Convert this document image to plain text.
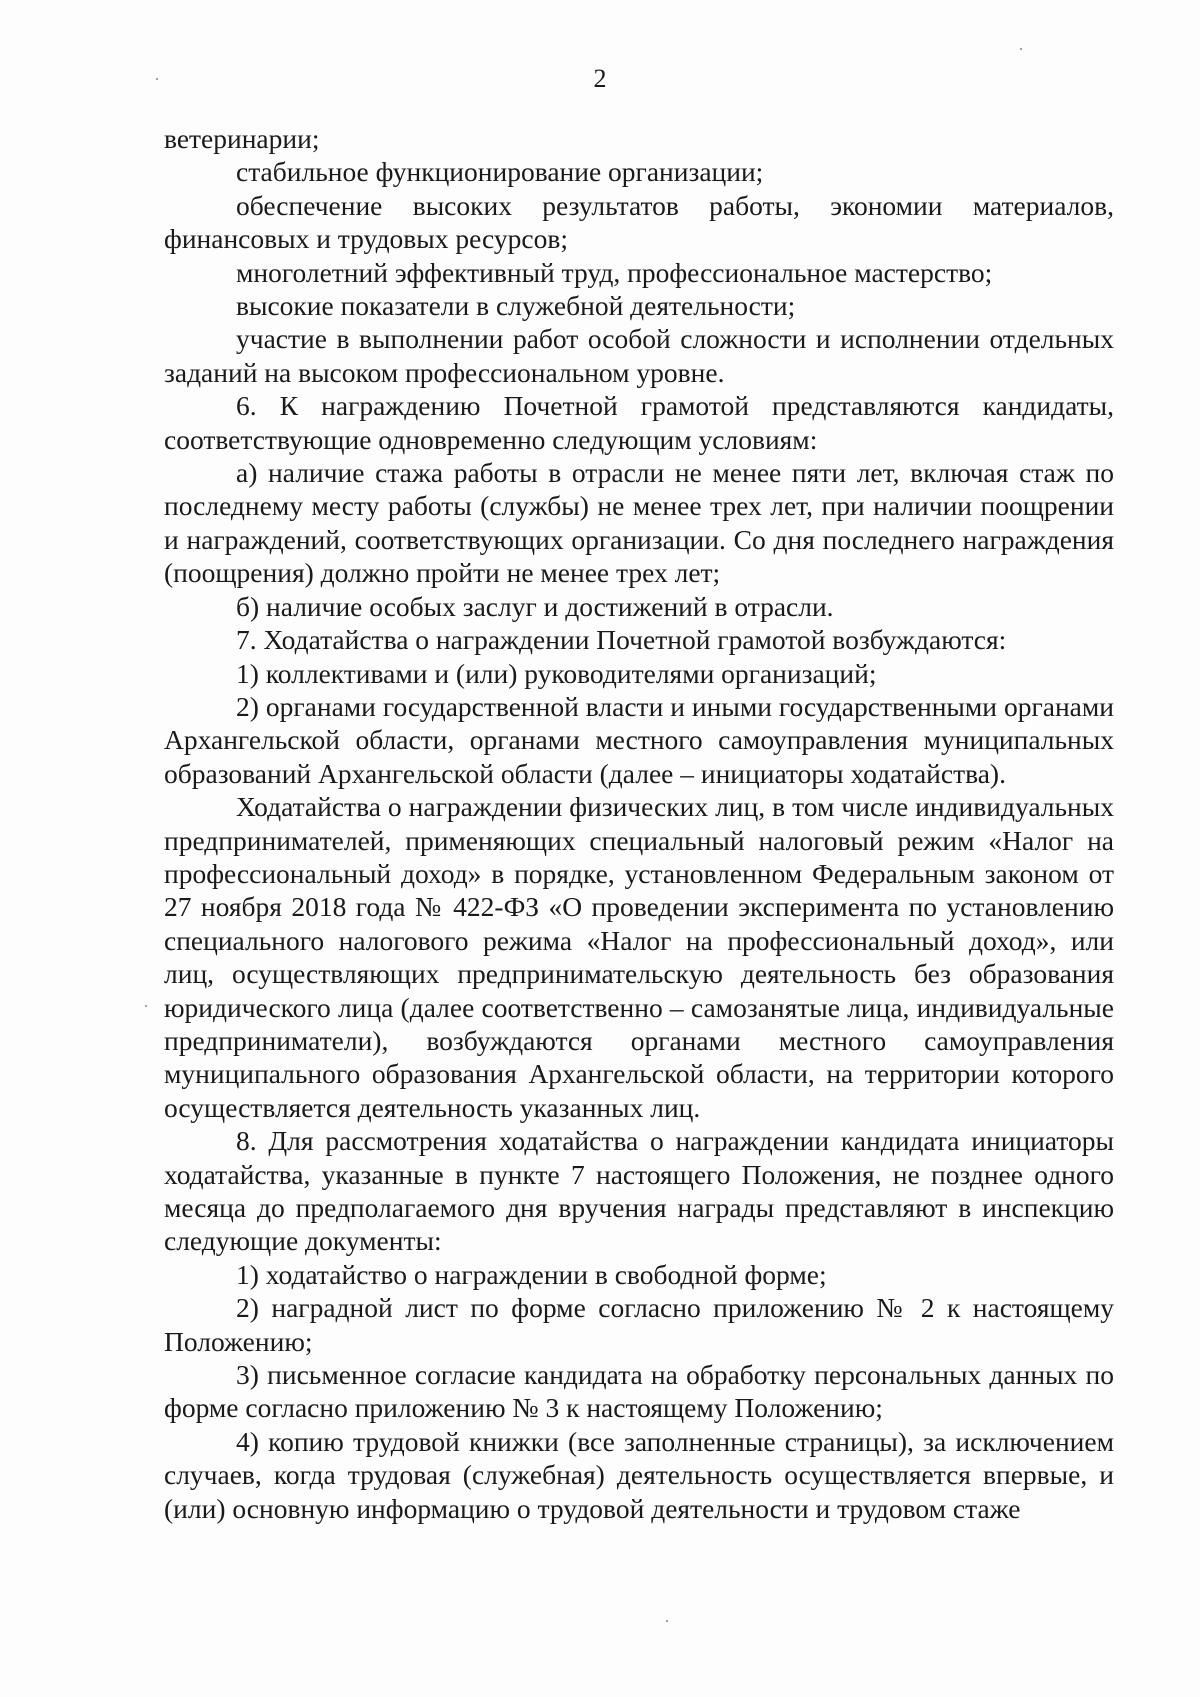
2

ветеринарии;

стабильное функционирование организации;

обеспечение высоких результатов работы, экономии материалов, финансовых и трудовых ресурсов;

многолетний эффективный труд, профессиональное мастерство;

высокие показатели в служебной деятельности;

участие в выполнении работ особой сложности и исполнении отдельных заданий на высоком профессиональном уровне.

6. К награждению Почетной грамотой представляются кандидаты, соответствующие одновременно следующим условиям:

а) наличие стажа работы в отрасли не менее пяти лет, включая стаж по последнему месту работы (службы) не менее трех лет, при наличии поощрении и награждений, соответствующих организации. Со дня последнего награждения (поощрения) должно пройти не менее трех лет;

б) наличие особых заслуг и достижений в отрасли.

7. Ходатайства о награждении Почетной грамотой возбуждаются:

1) коллективами и (или) руководителями организаций;

2) органами государственной власти и иными государственными органами Архангельской области, органами местного самоуправления муниципальных образований Архангельской области (далее – инициаторы ходатайства).

Ходатайства о награждении физических лиц, в том числе индивидуальных предпринимателей, применяющих специальный налоговый режим «Налог на профессиональный доход» в порядке, установленном Федеральным законом от 27 ноября 2018 года № 422-ФЗ «О проведении эксперимента по установлению специального налогового режима «Налог на профессиональный доход», или лиц, осуществляющих предпринимательскую деятельность без образования юридического лица (далее соответственно – самозанятые лица, индивидуальные предприниматели), возбуждаются органами местного самоуправления муниципального образования Архангельской области, на территории которого осуществляется деятельность указанных лиц.

8. Для рассмотрения ходатайства о награждении кандидата инициаторы ходатайства, указанные в пункте 7 настоящего Положения, не позднее одного месяца до предполагаемого дня вручения награды представляют в инспекцию следующие документы:

1) ходатайство о награждении в свободной форме;

2) наградной лист по форме согласно приложению № 2 к настоящему Положению;

3) письменное согласие кандидата на обработку персональных данных по форме согласно приложению № 3 к настоящему Положению;

4) копию трудовой книжки (все заполненные страницы), за исключением случаев, когда трудовая (служебная) деятельность осуществляется впервые, и (или) основную информацию о трудовой деятельности и трудовом стаже
